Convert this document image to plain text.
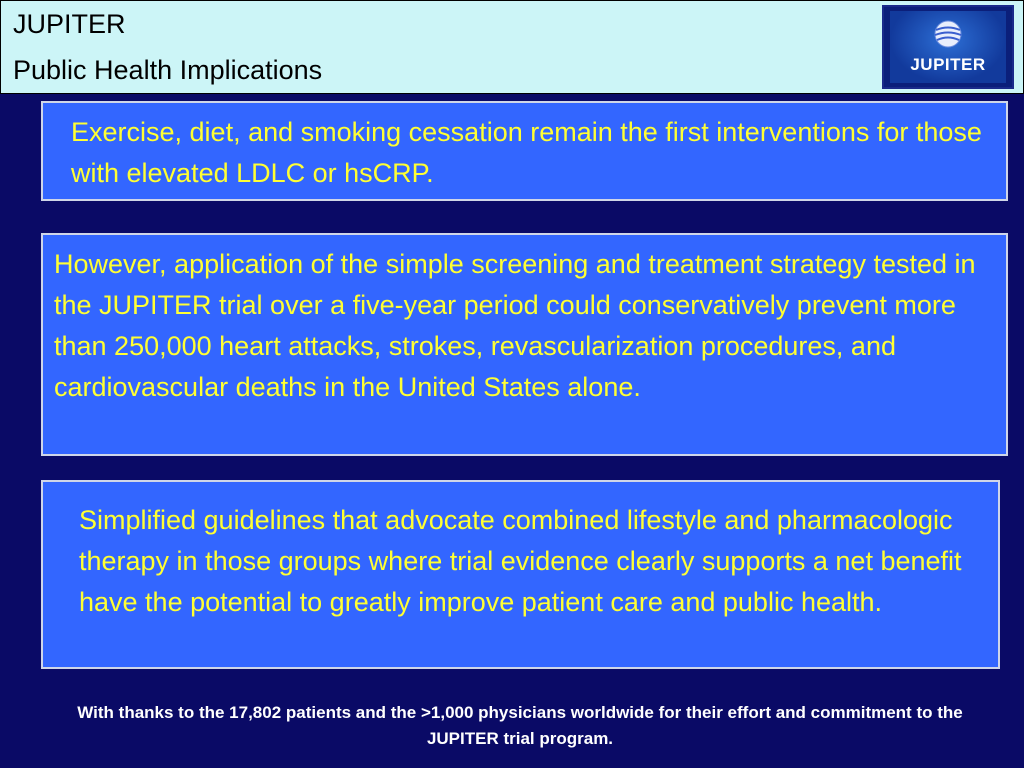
JUPITER
Public Health Implications	JUPITER
Exercise, diet, and smoking cessation remain the first interventions for those with elevated LDLC or hsCRP.
However, application of the simple screening and treatment strategy tested in the JUPITER trial over a five-year period could conservatively prevent more than 250,000 heart attacks, strokes, revascularization procedures, and cardiovascular deaths in the United States alone.
Simplified guidelines that advocate combined lifestyle and pharmacologic therapy in those groups where trial evidence clearly supports a net benefit have the potential to greatly improve patient care and public health.
With thanks to the 17,802 patients and the >1,000 physicians worldwide for their effort and commitment to the JUPITER trial program.
